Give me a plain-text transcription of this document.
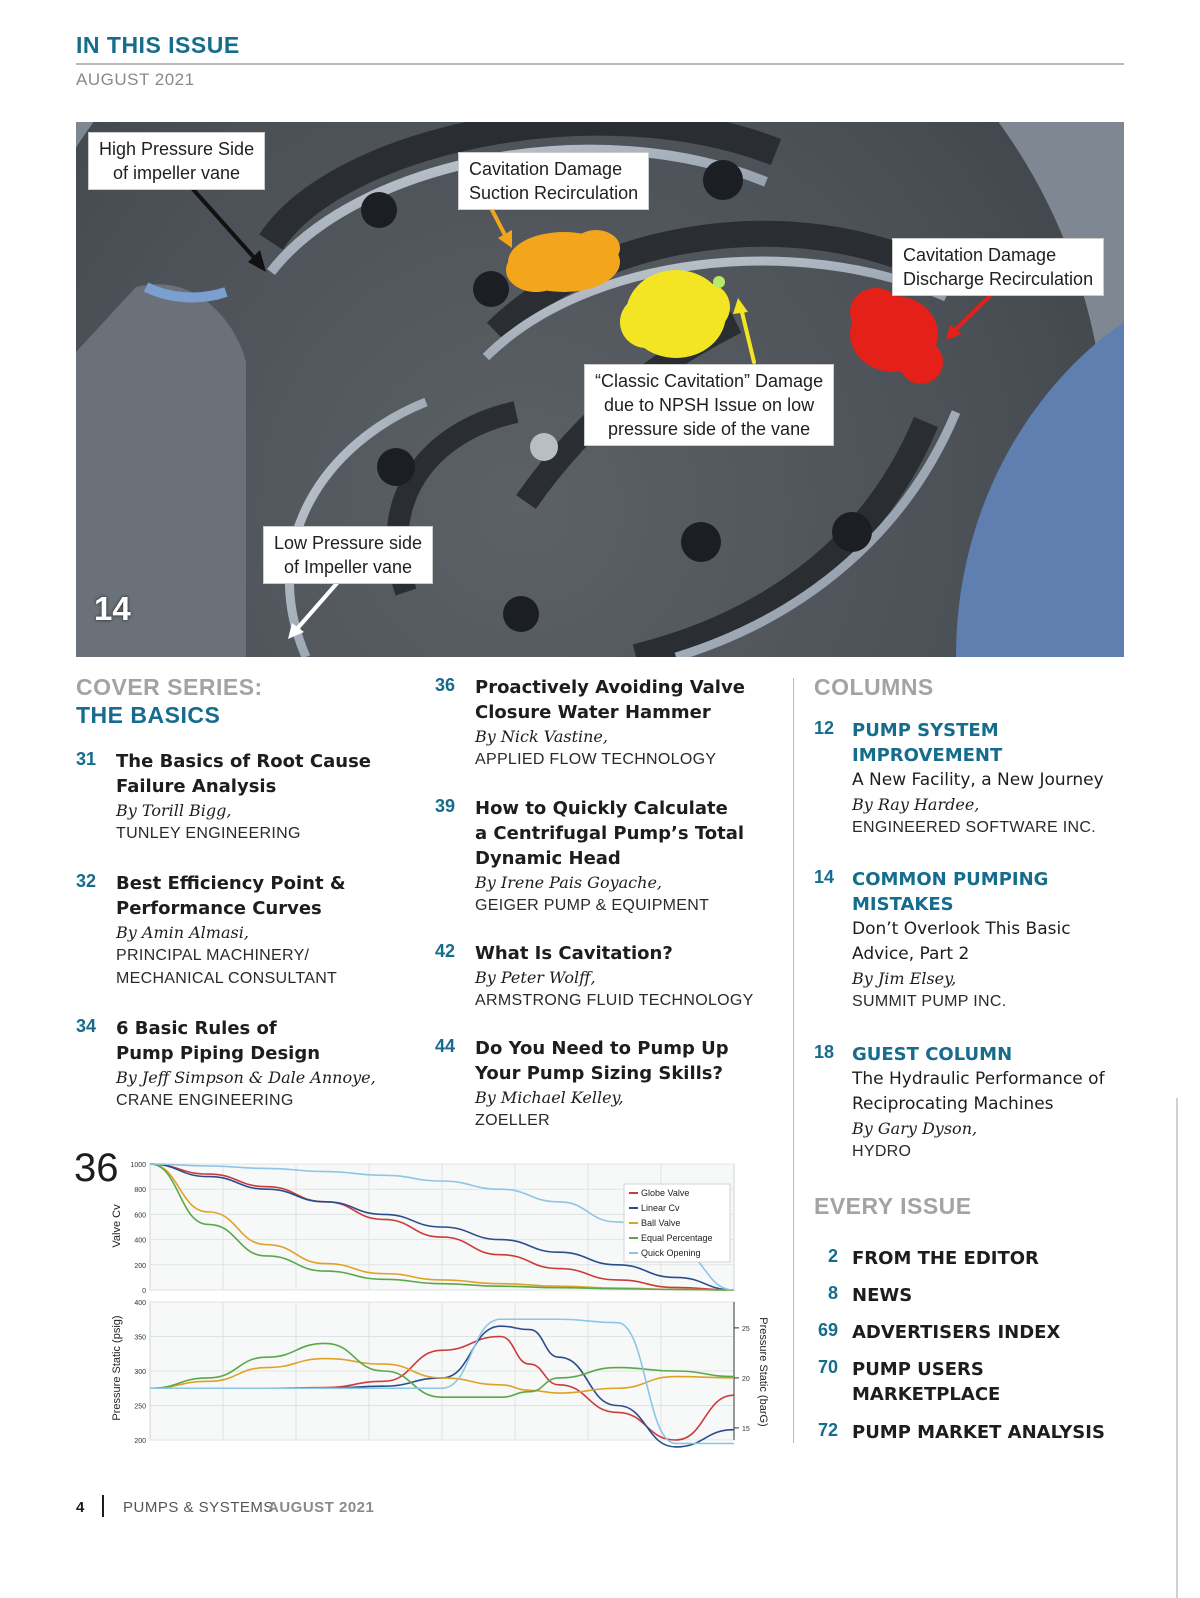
IN THIS ISSUE
AUGUST 2021
High Pressure Side
of impeller vane	Cavitation Damage
Suction Recirculation
Cavitation Damage
Discharge Recirculation
“Classic Cavitation” Damage
due to NPSH Issue on low
pressure side of the vane
Low Pressure side
of Impeller vane
14
COVER SERIES:
THE BASICS
31 The Basics of Root Cause
Failure Analysis
By Torill Bigg,
TUNLEY ENGINEERING
32 Best Efficiency Point &
Performance Curves
By Amin Almasi,
PRINCIPAL MACHINERY/
MECHANICAL CONSULTANT
34 6 Basic Rules of
Pump Piping Design
By Jeff Simpson & Dale Annoye,
CRANE ENGINEERING
36 Proactively Avoiding Valve
Closure Water Hammer
By Nick Vastine,
APPLIED FLOW TECHNOLOGY
39 How to Quickly Calculate
a Centrifugal Pump’s Total
Dynamic Head
By Irene Pais Goyache,
GEIGER PUMP & EQUIPMENT
42 What Is Cavitation?
By Peter Wolff,
ARMSTRONG FLUID TECHNOLOGY
44 Do You Need to Pump Up
Your Pump Sizing Skills?
By Michael Kelley,
ZOELLER
COLUMNS
12 PUMP SYSTEM
IMPROVEMENT
A New Facility, a New Journey
By Ray Hardee,
ENGINEERED SOFTWARE INC.
14 COMMON PUMPING
MISTAKES
Don’t Overlook This Basic
Advice, Part 2
By Jim Elsey,
SUMMIT PUMP INC.
18 GUEST COLUMN
The Hydraulic Performance of
Reciprocating Machines
By Gary Dyson,
HYDRO
EVERY ISSUE
2 FROM THE EDITOR
8 NEWS
69 ADVERTISERS INDEX
70 PUMP USERS
MARKETPLACE
72 PUMP MARKET ANALYSIS
36
Valve Cv
Pressure Static (psig)	Pressure Static (barG)
1000
800
600
400
200
0
Globe Valve
Linear Cv
Ball Valve
Equal Percentage
Quick Opening
400
350
300
250
200
25
20
15
4	PUMPS & SYSTEMS
AUGUST 2021
